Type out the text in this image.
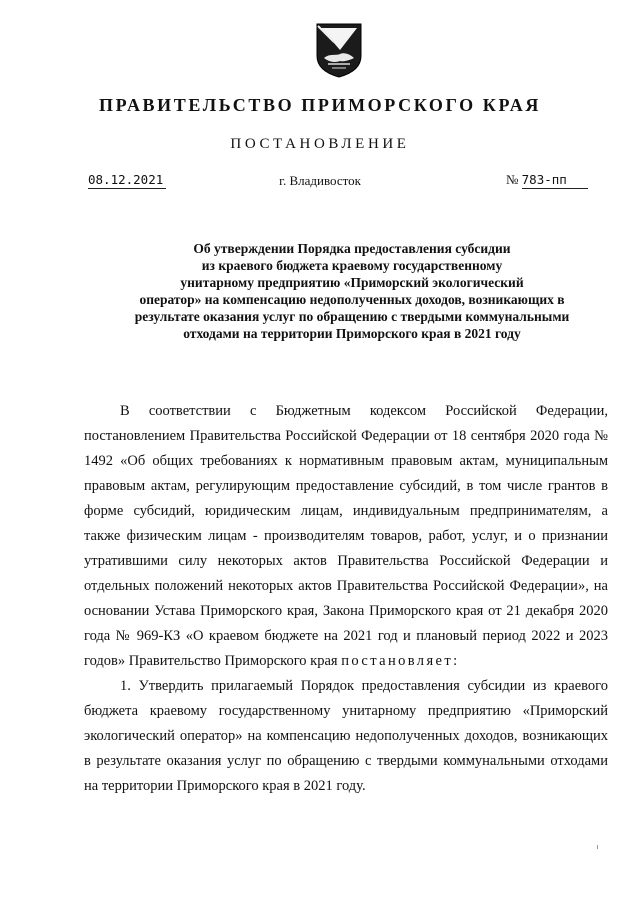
ПРАВИТЕЛЬСТВО ПРИМОРСКОГО КРАЯ
ПОСТАНОВЛЕНИЕ
08.12.2021	г. Владивосток	№ 783-пп
Об утверждении Порядка предоставления субсидии
из краевого бюджета краевому государственному
унитарному предприятию «Приморский экологический
оператор» на компенсацию недополученных доходов, возникающих в
результате оказания услуг по обращению с твердыми коммунальными
отходами на территории Приморского края в 2021 году

В соответствии с Бюджетным кодексом Российской Федерации, постановлением Правительства Российской Федерации от 18 сентября 2020 года № 1492 «Об общих требованиях к нормативным правовым актам, муниципальным правовым актам, регулирующим предоставление субсидий, в том числе грантов в форме субсидий, юридическим лицам, индивидуальным предпринимателям, а также физическим лицам - производителям товаров, работ, услуг, и о признании утратившими силу некоторых актов Правительства Российской Федерации и отдельных положений некоторых актов Правительства Российской Федерации», на основании Устава Приморского края, Закона Приморского края от 21 декабря 2020 года № 969-КЗ «О краевом бюджете на 2021 год и плановый период 2022 и 2023 годов» Правительство Приморского края постановляет:

1. Утвердить прилагаемый Порядок предоставления субсидии из краевого бюджета краевому государственному унитарному предприятию «Приморский экологический оператор» на компенсацию недополученных доходов, возникающих в результате оказания услуг по обращению с твердыми коммунальными отходами на территории Приморского края в 2021 году.
